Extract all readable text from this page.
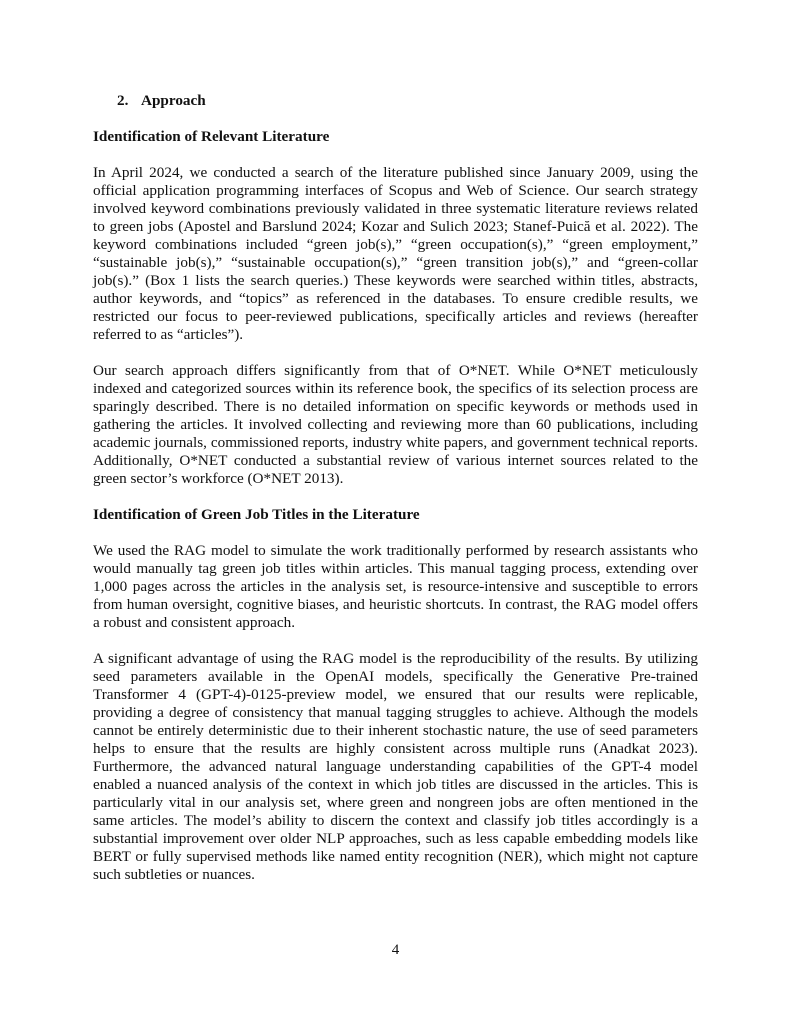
2. Approach
Identification of Relevant Literature

In April 2024, we conducted a search of the literature published since January 2009, using the official application programming interfaces of Scopus and Web of Science. Our search strategy involved keyword combinations previously validated in three systematic literature reviews related to green jobs (Apostel and Barslund 2024; Kozar and Sulich 2023; Stanef-Puică et al. 2022). The keyword combinations included “green job(s),” “green occupation(s),” “green employment,” “sustainable job(s),” “sustainable occupation(s),” “green transition job(s),” and “green-collar job(s).” (Box 1 lists the search queries.) These keywords were searched within titles, abstracts, author keywords, and “topics” as referenced in the databases. To ensure credible results, we restricted our focus to peer-reviewed publications, specifically articles and reviews (hereafter referred to as “articles”).

Our search approach differs significantly from that of O*NET. While O*NET meticulously indexed and categorized sources within its reference book, the specifics of its selection process are sparingly described. There is no detailed information on specific keywords or methods used in gathering the articles. It involved collecting and reviewing more than 60 publications, including academic journals, commissioned reports, industry white papers, and government technical reports. Additionally, O*NET conducted a substantial review of various internet sources related to the green sector’s workforce (O*NET 2013).

Identification of Green Job Titles in the Literature

We used the RAG model to simulate the work traditionally performed by research assistants who would manually tag green job titles within articles. This manual tagging process, extending over 1,000 pages across the articles in the analysis set, is resource-intensive and susceptible to errors from human oversight, cognitive biases, and heuristic shortcuts. In contrast, the RAG model offers a robust and consistent approach.

A significant advantage of using the RAG model is the reproducibility of the results. By utilizing seed parameters available in the OpenAI models, specifically the Generative Pre-trained Transformer 4 (GPT-4)-0125-preview model, we ensured that our results were replicable, providing a degree of consistency that manual tagging struggles to achieve. Although the models cannot be entirely deterministic due to their inherent stochastic nature, the use of seed parameters helps to ensure that the results are highly consistent across multiple runs (Anadkat 2023). Furthermore, the advanced natural language understanding capabilities of the GPT-4 model enabled a nuanced analysis of the context in which job titles are discussed in the articles. This is particularly vital in our analysis set, where green and nongreen jobs are often mentioned in the same articles. The model’s ability to discern the context and classify job titles accordingly is a substantial improvement over older NLP approaches, such as less capable embedding models like BERT or fully supervised methods like named entity recognition (NER), which might not capture such subtleties or nuances.

4
